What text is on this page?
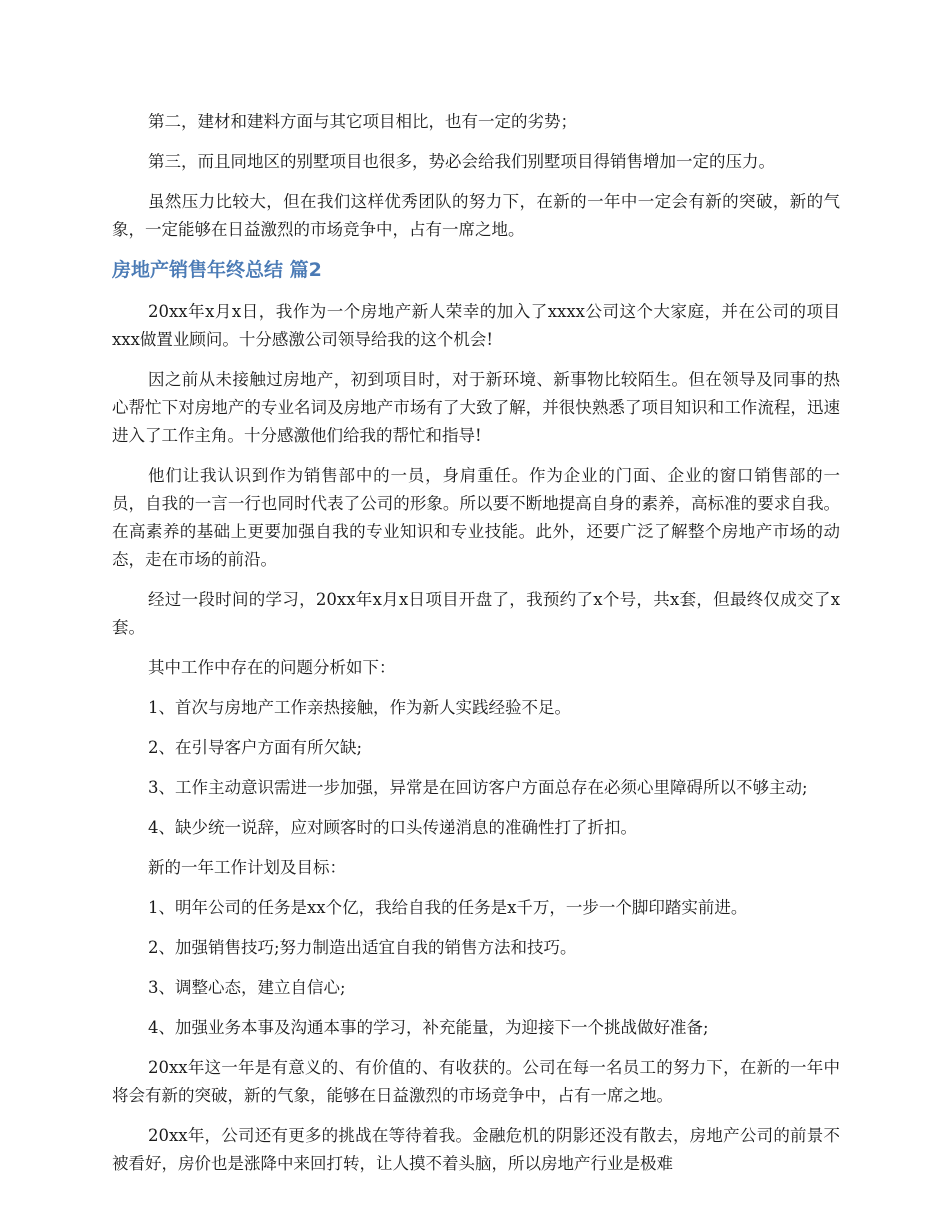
第二，建材和建料方面与其它项目相比，也有一定的劣势；

第三，而且同地区的别墅项目也很多，势必会给我们别墅项目得销售增加一定的压力。

虽然压力比较大，但在我们这样优秀团队的努力下，在新的一年中一定会有新的突破，新的气象，一定能够在日益激烈的市场竞争中，占有一席之地。

房地产销售年终总结 篇2

20xx年x月x日，我作为一个房地产新人荣幸的加入了xxxx公司这个大家庭，并在公司的项目xxx做置业顾问。十分感激公司领导给我的这个机会!

因之前从未接触过房地产，初到项目时，对于新环境、新事物比较陌生。但在领导及同事的热心帮忙下对房地产的专业名词及房地产市场有了大致了解，并很快熟悉了项目知识和工作流程，迅速进入了工作主角。十分感激他们给我的帮忙和指导!

他们让我认识到作为销售部中的一员，身肩重任。作为企业的门面、企业的窗口销售部的一员，自我的一言一行也同时代表了公司的形象。所以要不断地提高自身的素养，高标准的要求自我。在高素养的基础上更要加强自我的专业知识和专业技能。此外，还要广泛了解整个房地产市场的动态，走在市场的前沿。

经过一段时间的学习，20xx年x月x日项目开盘了，我预约了x个号，共x套，但最终仅成交了x套。

其中工作中存在的问题分析如下：

1、首次与房地产工作亲热接触，作为新人实践经验不足。

2、在引导客户方面有所欠缺;

3、工作主动意识需进一步加强，异常是在回访客户方面总存在必须心里障碍所以不够主动;

4、缺少统一说辞，应对顾客时的口头传递消息的准确性打了折扣。

新的一年工作计划及目标：

1、明年公司的任务是xx个亿，我给自我的任务是x千万，一步一个脚印踏实前进。

2、加强销售技巧;努力制造出适宜自我的销售方法和技巧。

3、调整心态，建立自信心;

4、加强业务本事及沟通本事的学习，补充能量，为迎接下一个挑战做好准备;

20xx年这一年是有意义的、有价值的、有收获的。公司在每一名员工的努力下，在新的一年中将会有新的突破，新的气象，能够在日益激烈的市场竞争中，占有一席之地。

20xx年，公司还有更多的挑战在等待着我。金融危机的阴影还没有散去，房地产公司的前景不被看好，房价也是涨降中来回打转，让人摸不着头脑，所以房地产行业是极难
